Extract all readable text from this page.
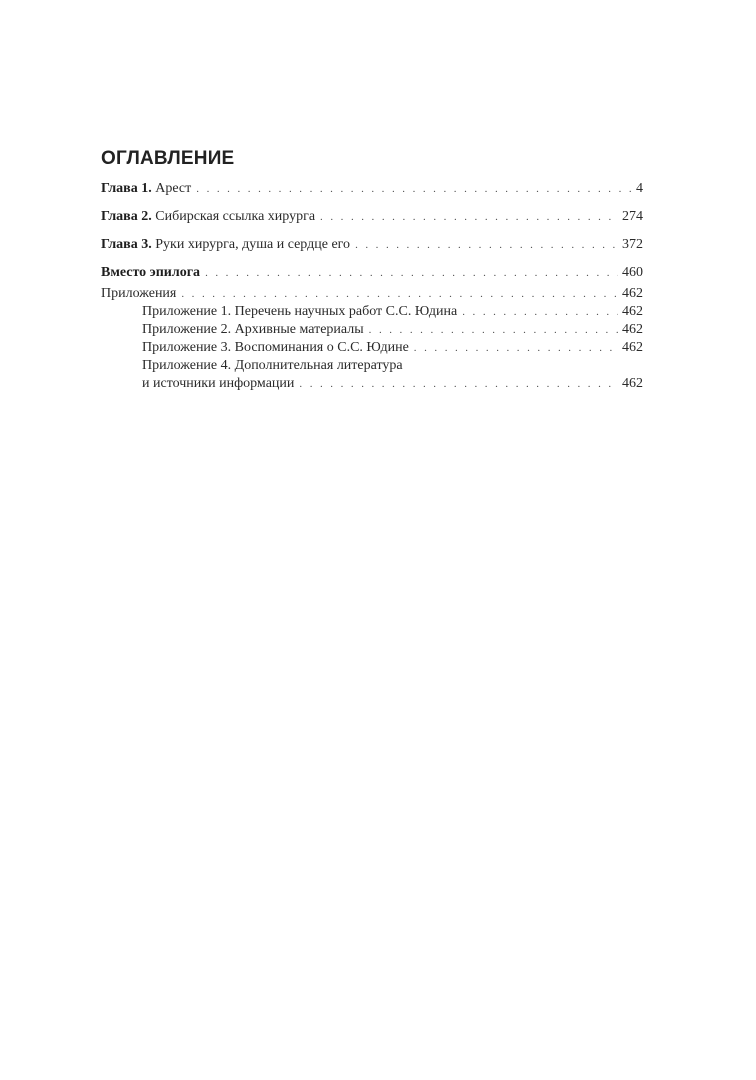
ОГЛАВЛЕНИЕ
Глава 1. Арест . . .	4
Глава 2. Сибирская ссылка хирурга . . .	274
Глава 3. Руки хирурга, душа и сердце его . . .	372
Вместо эпилога . . .	460
Приложения . . .	462
Приложение 1. Перечень научных работ С.С. Юдина . . .	462
Приложение 2. Архивные материалы . . .	462
Приложение 3. Воспоминания о С.С. Юдине . . .	462
Приложение 4. Дополнительная литература
и источники информации . . .	462
